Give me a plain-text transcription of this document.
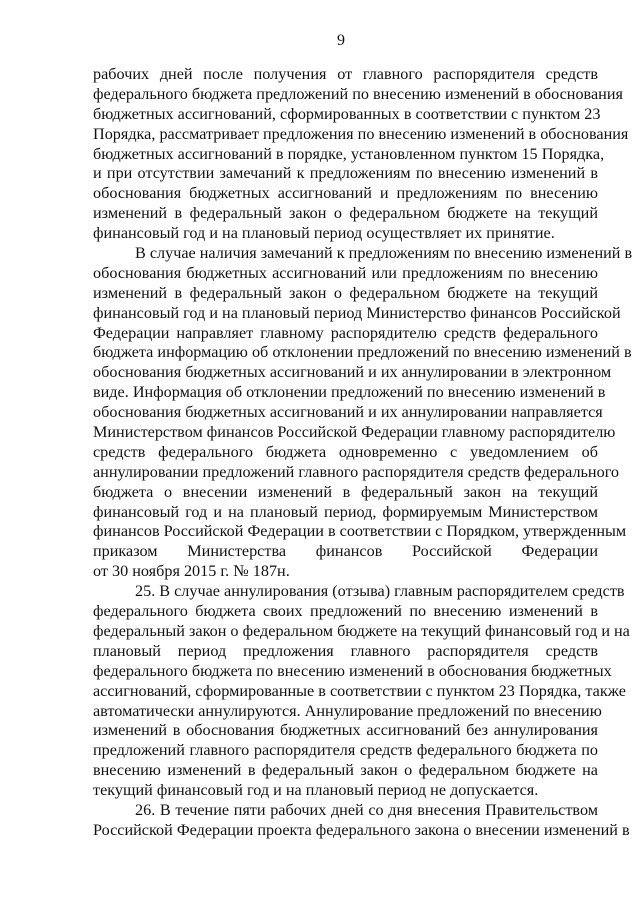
9
рабочих дней после получения от главного распорядителя средств
федерального бюджета предложений по внесению изменений в обоснования
бюджетных ассигнований, сформированных в соответствии с пунктом 23
Порядка, рассматривает предложения по внесению изменений в обоснования
бюджетных ассигнований в порядке, установленном пунктом 15 Порядка,
и при отсутствии замечаний к предложениям по внесению изменений в
обоснования бюджетных ассигнований и предложениям по внесению
изменений в федеральный закон о федеральном бюджете на текущий
финансовый год и на плановый период осуществляет их принятие.
В случае наличия замечаний к предложениям по внесению изменений в
обоснования бюджетных ассигнований или предложениям по внесению
изменений в федеральный закон о федеральном бюджете на текущий
финансовый год и на плановый период Министерство финансов Российской
Федерации направляет главному распорядителю средств федерального
бюджета информацию об отклонении предложений по внесению изменений в
обоснования бюджетных ассигнований и их аннулировании в электронном
виде. Информация об отклонении предложений по внесению изменений в
обоснования бюджетных ассигнований и их аннулировании направляется
Министерством финансов Российской Федерации главному распорядителю
средств федерального бюджета одновременно с уведомлением об
аннулировании предложений главного распорядителя средств федерального
бюджета о внесении изменений в федеральный закон на текущий
финансовый год и на плановый период, формируемым Министерством
финансов Российской Федерации в соответствии с Порядком, утвержденным
приказом Министерства финансов Российской Федерации
от 30 ноября 2015 г. № 187н.
25. В случае аннулирования (отзыва) главным распорядителем средств
федерального бюджета своих предложений по внесению изменений в
федеральный закон о федеральном бюджете на текущий финансовый год и на
плановый период предложения главного распорядителя средств
федерального бюджета по внесению изменений в обоснования бюджетных
ассигнований, сформированные в соответствии с пунктом 23 Порядка, также
автоматически аннулируются. Аннулирование предложений по внесению
изменений в обоснования бюджетных ассигнований без аннулирования
предложений главного распорядителя средств федерального бюджета по
внесению изменений в федеральный закон о федеральном бюджете на
текущий финансовый год и на плановый период не допускается.
26. В течение пяти рабочих дней со дня внесения Правительством
Российской Федерации проекта федерального закона о внесении изменений в
